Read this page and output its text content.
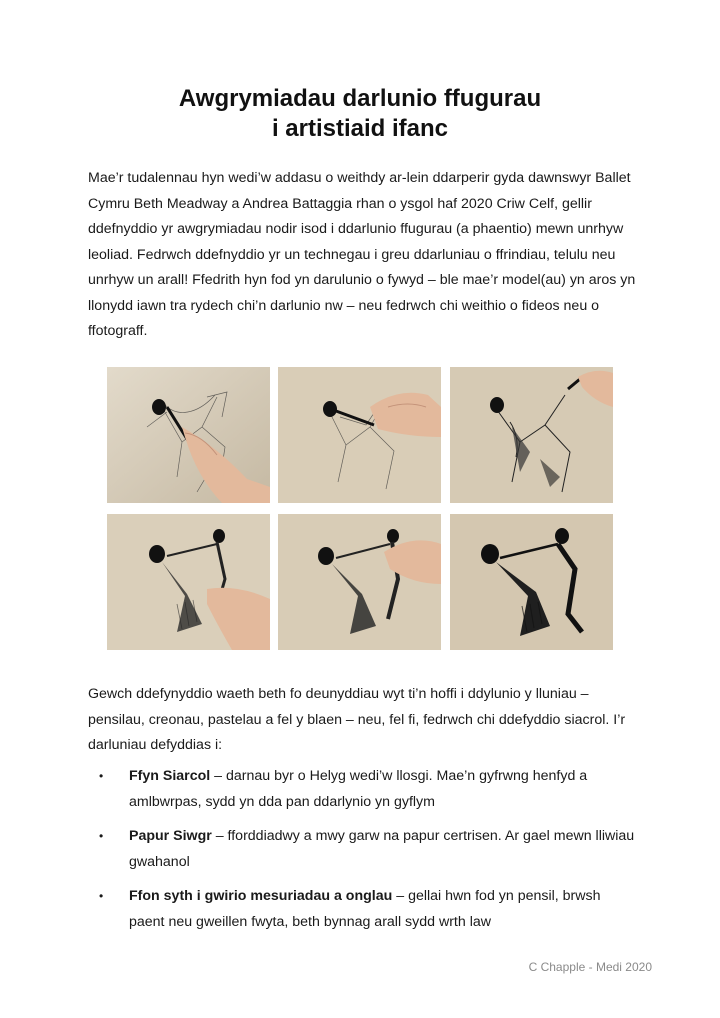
Awgrymiadau darlunio ffugurau
i artistiaid ifanc

Mae’r tudalennau hyn wedi’w addasu o weithdy ar-lein ddarperir gyda dawnswyr Ballet Cymru Beth Meadway a Andrea Battaggia rhan o ysgol haf 2020 Criw Celf, gellir ddefnyddio yr awgrymiadau nodir isod i ddarlunio ffugurau (a phaentio) mewn unrhyw leoliad. Fedrwch ddefnyddio yr un technegau i greu ddarluniau o ffrindiau, telulu neu unrhyw un arall! Ffedrith hyn fod yn darulunio o fywyd – ble mae’r model(au) yn aros yn llonydd iawn tra rydech chi’n darlunio nw – neu fedrwch chi weithio o fideos neu o ffotograff.

Gewch ddefynyddio waeth beth fo deunyddiau wyt ti’n hoffi i ddylunio y lluniau – pensilau, creonau, pastelau a fel y blaen – neu, fel fi, fedrwch chi ddefyddio siacrol. I’r darluniau defyddias i:

• Ffyn Siarcol – darnau byr o Helyg wedi’w llosgi. Mae’n gyfrwng henfyd a amlbwrpas, sydd yn dda pan ddarlynio yn gyflym
• Papur Siwgr – fforddiadwy a mwy garw na papur certrisen. Ar gael mewn lliwiau gwahanol
• Ffon syth i gwirio mesuriadau a onglau – gellai hwn fod yn pensil, brwsh paent neu gweillen fwyta, beth bynnag arall sydd wrth law
C Chapple - Medi 2020
